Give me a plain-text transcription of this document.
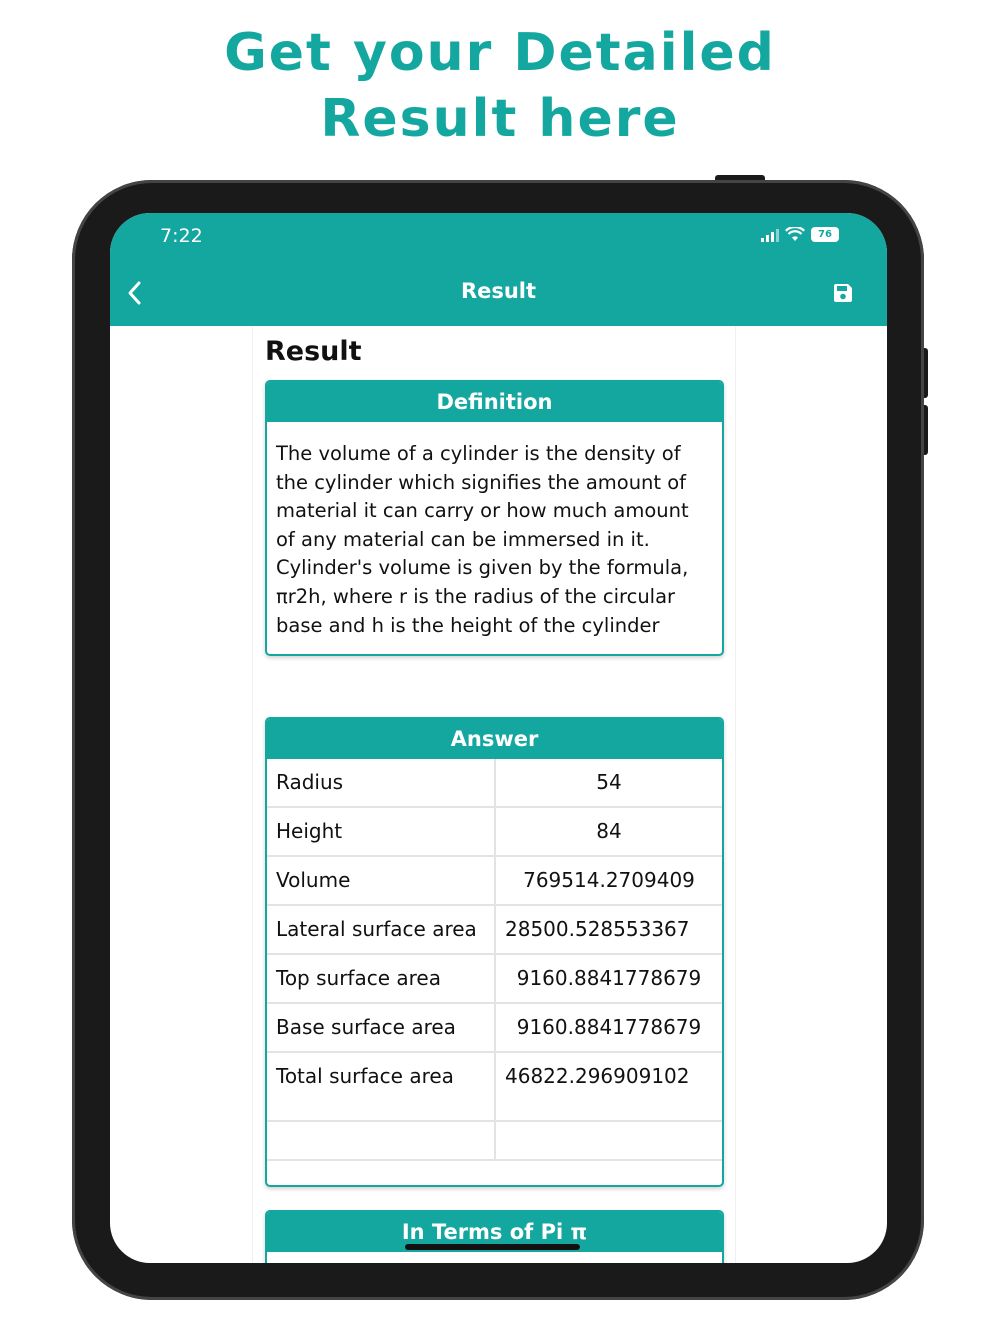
Get your Detailed
Result here
7:22	76
Result
Result
Definition
The volume of a cylinder is the density of the cylinder which signifies the amount of material it can carry or how much amount of any material can be immersed in it. Cylinder's volume is given by the formula, πr2h, where r is the radius of the circular base and h is the height of the cylinder
Answer
Radius	54
Height	84
Volume	769514.2709409
Lateral surface area	28500.528553367
Top surface area	9160.8841778679
Base surface area	9160.8841778679
Total surface area	46822.296909102

In Terms of Pi π
